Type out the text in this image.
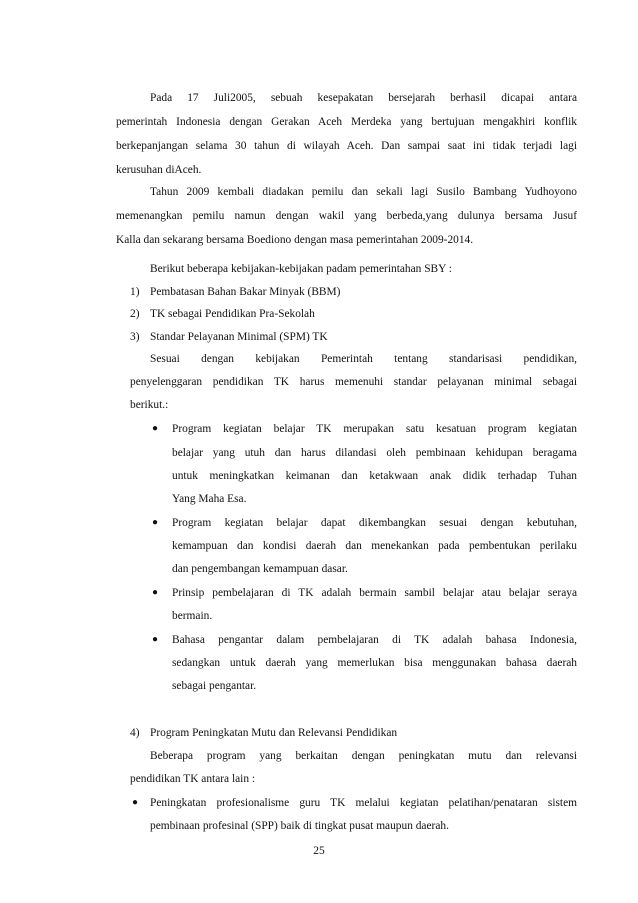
Pada 17 Juli2005, sebuah kesepakatan bersejarah berhasil dicapai antara
pemerintah Indonesia dengan Gerakan Aceh Merdeka yang bertujuan mengakhiri konflik
berkepanjangan selama 30 tahun di wilayah Aceh. Dan sampai saat ini tidak terjadi lagi
kerusuhan diAceh.
Tahun 2009 kembali diadakan pemilu dan sekali lagi Susilo Bambang Yudhoyono
memenangkan pemilu namun dengan wakil yang berbeda,yang dulunya bersama Jusuf
Kalla dan sekarang bersama Boediono dengan masa pemerintahan 2009-2014.
Berikut beberapa kebijakan-kebijakan padam pemerintahan SBY :
1) Pembatasan Bahan Bakar Minyak (BBM)
2) TK sebagai Pendidikan Pra-Sekolah
3) Standar Pelayanan Minimal (SPM) TK
Sesuai dengan kebijakan Pemerintah tentang standarisasi pendidikan,
penyelenggaran pendidikan TK harus memenuhi standar pelayanan minimal sebagai
berikut.:
● Program kegiatan belajar TK merupakan satu kesatuan program kegiatan
belajar yang utuh dan harus dilandasi oleh pembinaan kehidupan beragama
untuk meningkatkan keimanan dan ketakwaan anak didik terhadap Tuhan
Yang Maha Esa.
● Program kegiatan belajar dapat dikembangkan sesuai dengan kebutuhan,
kemampuan dan kondisi daerah dan menekankan pada pembentukan perilaku
dan pengembangan kemampuan dasar.
● Prinsip pembelajaran di TK adalah bermain sambil belajar atau belajar seraya
bermain.
● Bahasa pengantar dalam pembelajaran di TK adalah bahasa Indonesia,
sedangkan untuk daerah yang memerlukan bisa menggunakan bahasa daerah
sebagai pengantar.
4) Program Peningkatan Mutu dan Relevansi Pendidikan
Beberapa program yang berkaitan dengan peningkatan mutu dan relevansi
pendidikan TK antara lain :
● Peningkatan profesionalisme guru TK melalui kegiatan pelatihan/penataran sistem
pembinaan profesinal (SPP) baik di tingkat pusat maupun daerah.
25
